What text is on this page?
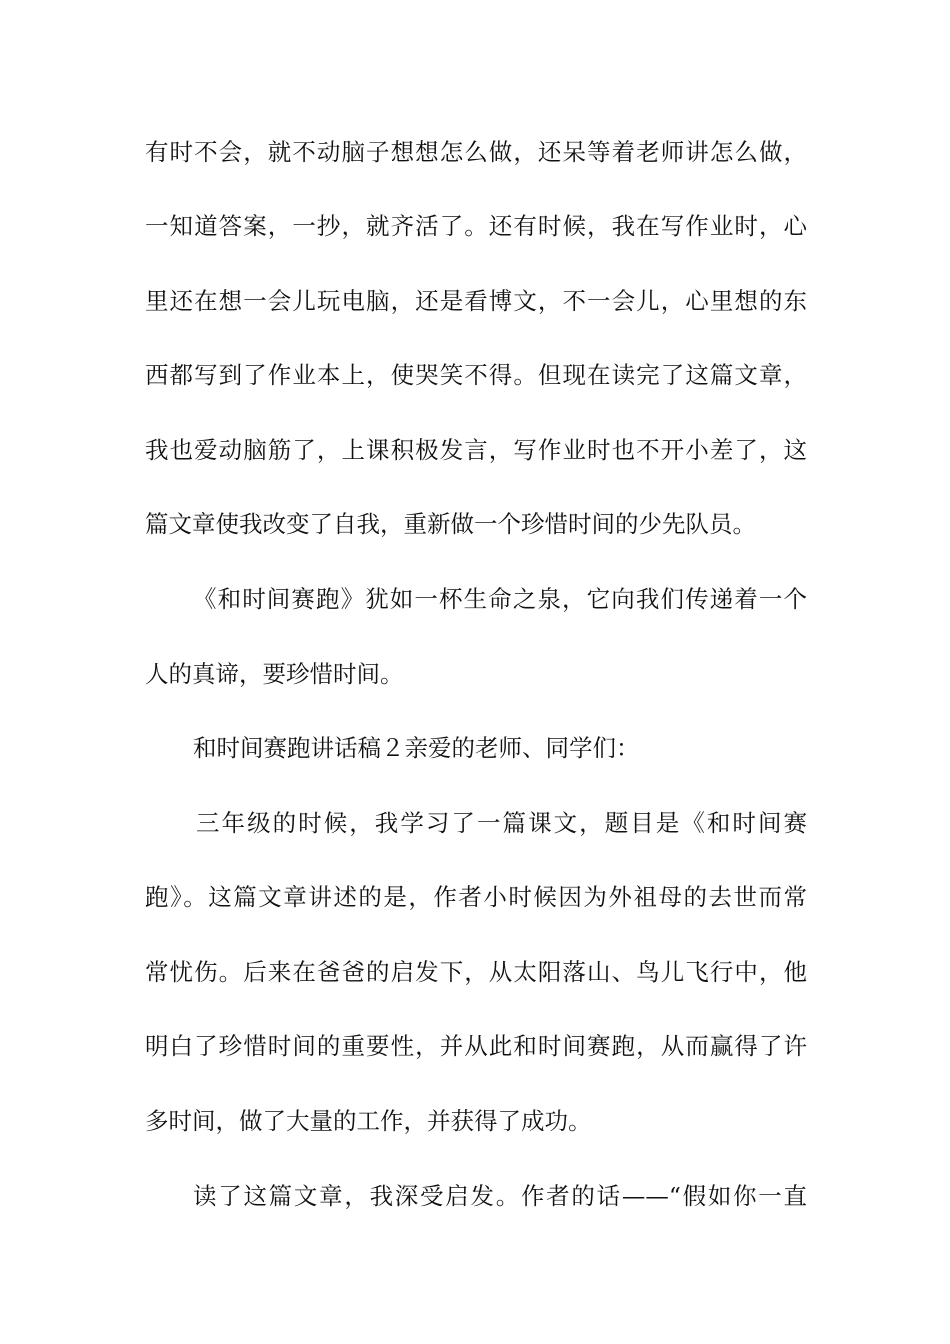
有时不会，就不动脑子想想怎么做，还呆等着老师讲怎么做，
一知道答案，一抄，就齐活了。还有时候，我在写作业时，心
里还在想一会儿玩电脑，还是看博文，不一会儿，心里想的东
西都写到了作业本上，使哭笑不得。但现在读完了这篇文章，
我也爱动脑筋了，上课积极发言，写作业时也不开小差了，这
篇文章使我改变了自我，重新做一个珍惜时间的少先队员。
《和时间赛跑》犹如一杯生命之泉，它向我们传递着一个
人的真谛，要珍惜时间。
和时间赛跑讲话稿２亲爱的老师、同学们：
三年级的时候，我学习了一篇课文，题目是《和时间赛
跑》。这篇文章讲述的是，作者小时候因为外祖母的去世而常
常忧伤。后来在爸爸的启发下，从太阳落山、鸟儿飞行中，他
明白了珍惜时间的重要性，并从此和时间赛跑，从而赢得了许
多时间，做了大量的工作，并获得了成功。
读了这篇文章，我深受启发。作者的话——“假如你一直
